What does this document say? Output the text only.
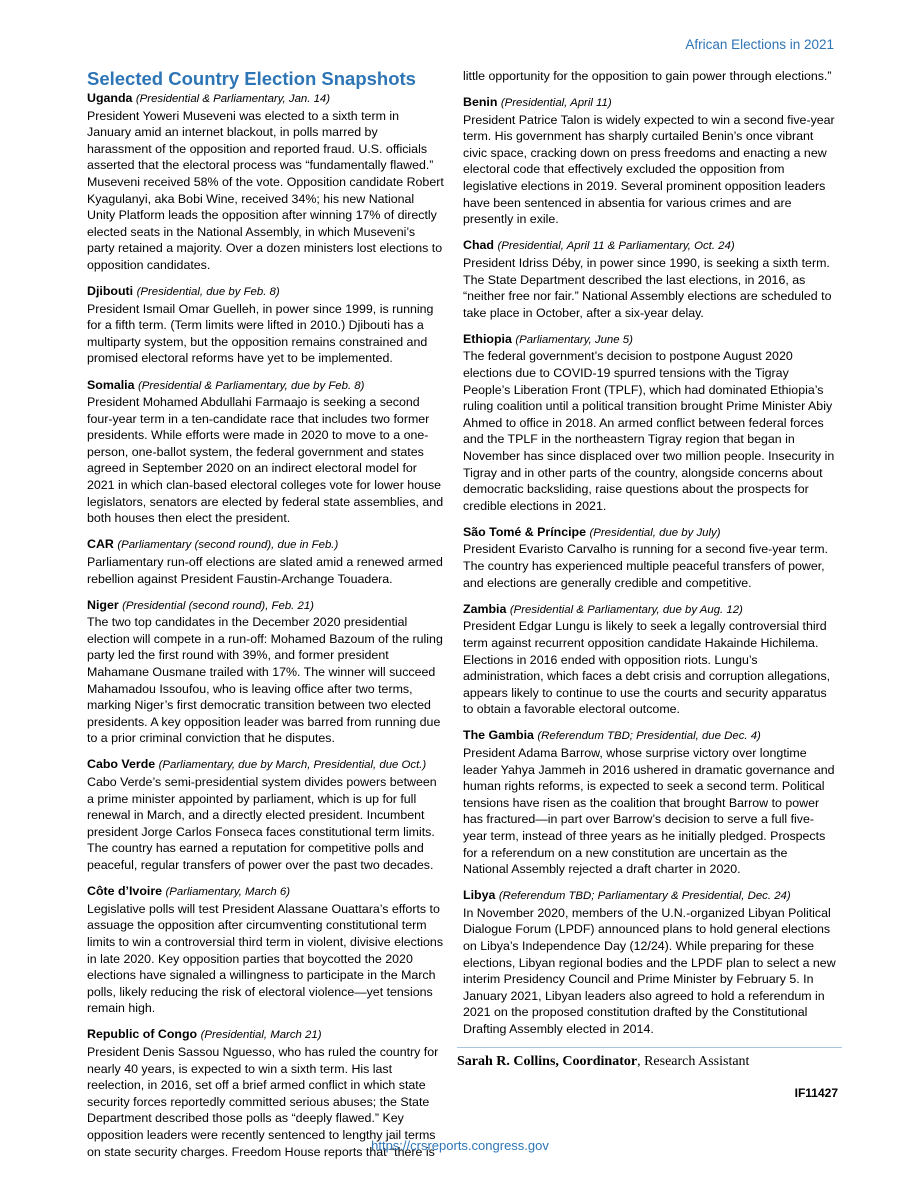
African Elections in 2021
Selected Country Election Snapshots

Uganda (Presidential & Parliamentary, Jan. 14)

President Yoweri Museveni was elected to a sixth term in January amid an internet blackout, in polls marred by harassment of the opposition and reported fraud. U.S. officials asserted that the electoral process was “fundamentally flawed.” Museveni received 58% of the vote. Opposition candidate Robert Kyagulanyi, aka Bobi Wine, received 34%; his new National Unity Platform leads the opposition after winning 17% of directly elected seats in the National Assembly, in which Museveni’s party retained a majority. Over a dozen ministers lost elections to opposition candidates.

Djibouti (Presidential, due by Feb. 8)

President Ismail Omar Guelleh, in power since 1999, is running for a fifth term. (Term limits were lifted in 2010.) Djibouti has a multiparty system, but the opposition remains constrained and promised electoral reforms have yet to be implemented.

Somalia (Presidential & Parliamentary, due by Feb. 8)

President Mohamed Abdullahi Farmaajo is seeking a second four-year term in a ten-candidate race that includes two former presidents. While efforts were made in 2020 to move to a one-person, one-ballot system, the federal government and states agreed in September 2020 on an indirect electoral model for 2021 in which clan-based electoral colleges vote for lower house legislators, senators are elected by federal state assemblies, and both houses then elect the president.

CAR (Parliamentary (second round), due in Feb.)

Parliamentary run-off elections are slated amid a renewed armed rebellion against President Faustin-Archange Touadera.

Niger (Presidential (second round), Feb. 21)

The two top candidates in the December 2020 presidential election will compete in a run-off: Mohamed Bazoum of the ruling party led the first round with 39%, and former president Mahamane Ousmane trailed with 17%. The winner will succeed Mahamadou Issoufou, who is leaving office after two terms, marking Niger’s first democratic transition between two elected presidents. A key opposition leader was barred from running due to a prior criminal conviction that he disputes.

Cabo Verde (Parliamentary, due by March, Presidential, due Oct.)

Cabo Verde’s semi-presidential system divides powers between a prime minister appointed by parliament, which is up for full renewal in March, and a directly elected president. Incumbent president Jorge Carlos Fonseca faces constitutional term limits. The country has earned a reputation for competitive polls and peaceful, regular transfers of power over the past two decades.

Côte d’Ivoire (Parliamentary, March 6)

Legislative polls will test President Alassane Ouattara’s efforts to assuage the opposition after circumventing constitutional term limits to win a controversial third term in violent, divisive elections in late 2020. Key opposition parties that boycotted the 2020 elections have signaled a willingness to participate in the March polls, likely reducing the risk of electoral violence—yet tensions remain high.

Republic of Congo (Presidential, March 21)

President Denis Sassou Nguesso, who has ruled the country for nearly 40 years, is expected to win a sixth term. His last reelection, in 2016, set off a brief armed conflict in which state security forces reportedly committed serious abuses; the State Department described those polls as “deeply flawed.” Key opposition leaders were recently sentenced to lengthy jail terms on state security charges. Freedom House reports that “there is

little opportunity for the opposition to gain power through elections.”

Benin (Presidential, April 11)

President Patrice Talon is widely expected to win a second five-year term. His government has sharply curtailed Benin’s once vibrant civic space, cracking down on press freedoms and enacting a new electoral code that effectively excluded the opposition from legislative elections in 2019. Several prominent opposition leaders have been sentenced in absentia for various crimes and are presently in exile.

Chad (Presidential, April 11 & Parliamentary, Oct. 24)

President Idriss Déby, in power since 1990, is seeking a sixth term. The State Department described the last elections, in 2016, as “neither free nor fair.” National Assembly elections are scheduled to take place in October, after a six-year delay.

Ethiopia (Parliamentary, June 5)

The federal government’s decision to postpone August 2020 elections due to COVID-19 spurred tensions with the Tigray People’s Liberation Front (TPLF), which had dominated Ethiopia’s ruling coalition until a political transition brought Prime Minister Abiy Ahmed to office in 2018. An armed conflict between federal forces and the TPLF in the northeastern Tigray region that began in November has since displaced over two million people. Insecurity in Tigray and in other parts of the country, alongside concerns about democratic backsliding, raise questions about the prospects for credible elections in 2021.

São Tomé & Príncipe (Presidential, due by July)

President Evaristo Carvalho is running for a second five-year term. The country has experienced multiple peaceful transfers of power, and elections are generally credible and competitive.

Zambia (Presidential & Parliamentary, due by Aug. 12)

President Edgar Lungu is likely to seek a legally controversial third term against recurrent opposition candidate Hakainde Hichilema. Elections in 2016 ended with opposition riots. Lungu’s administration, which faces a debt crisis and corruption allegations, appears likely to continue to use the courts and security apparatus to obtain a favorable electoral outcome.

The Gambia (Referendum TBD; Presidential, due Dec. 4)

President Adama Barrow, whose surprise victory over longtime leader Yahya Jammeh in 2016 ushered in dramatic governance and human rights reforms, is expected to seek a second term. Political tensions have risen as the coalition that brought Barrow to power has fractured—in part over Barrow’s decision to serve a full five-year term, instead of three years as he initially pledged. Prospects for a referendum on a new constitution are uncertain as the National Assembly rejected a draft charter in 2020.

Libya (Referendum TBD; Parliamentary & Presidential, Dec. 24)

In November 2020, members of the U.N.-organized Libyan Political Dialogue Forum (LPDF) announced plans to hold general elections on Libya’s Independence Day (12/24). While preparing for these elections, Libyan regional bodies and the LPDF plan to select a new interim Presidency Council and Prime Minister by February 5. In January 2021, Libyan leaders also agreed to hold a referendum in 2021 on the proposed constitution drafted by the Constitutional Drafting Assembly elected in 2014.

Sarah R. Collins, Coordinator, Research Assistant
IF11427
https://crsreports.congress.gov
